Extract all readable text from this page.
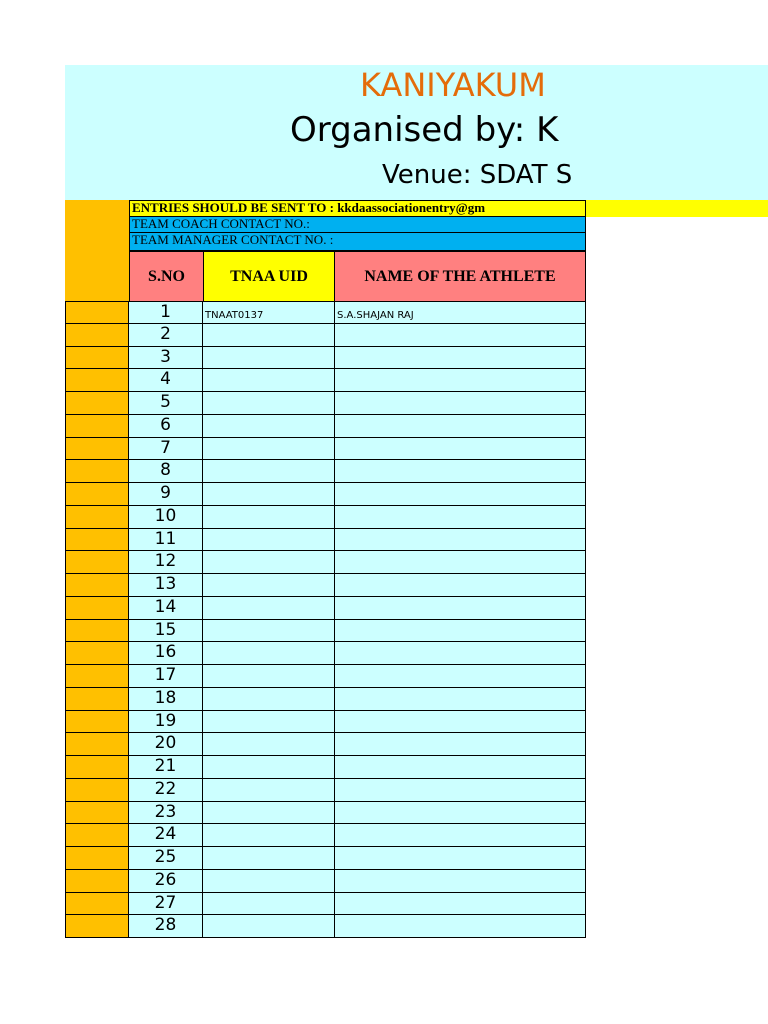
KANIYAKUM
Organised by: K
Venue: SDAT S
ENTRIES SHOULD BE SENT TO : kkdaassociationentry@gm
TEAM COACH CONTACT NO.:
TEAM MANAGER CONTACT NO. :
S.NO	TNAA UID	NAME OF THE ATHLETE
1	TNAAT0137	S.A.SHAJAN RAJ
2
3
4
5
6
7
8
9
10
11
12
13
14
15
16
17
18
19
20
21
22
23
24
25
26
27
28
